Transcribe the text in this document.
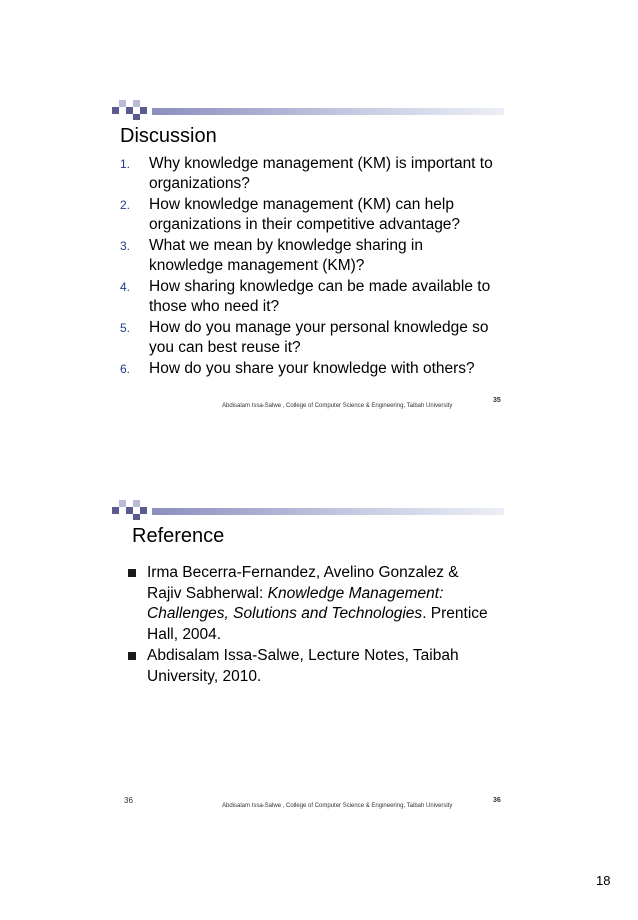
Discussion
1. Why knowledge management (KM) is important to organizations?
2. How knowledge management (KM) can help organizations in their competitive advantage?
3. What we mean by knowledge sharing in knowledge management (KM)?
4. How sharing knowledge can be made available to those who need it?
5. How do you manage your personal knowledge so you can best reuse it?
6. How do you share your knowledge with others?
Abdisalam Issa-Salwe , College of Computer Science & Engineering, Taibah University
35
Reference
Irma Becerra-Fernandez, Avelino Gonzalez & Rajiv Sabherwal: Knowledge Management: Challenges, Solutions and Technologies. Prentice Hall, 2004.
Abdisalam Issa-Salwe, Lecture Notes, Taibah University, 2010.
Abdisalam Issa-Salwe , College of Computer Science & Engineering, Taibah University
36
36
18
